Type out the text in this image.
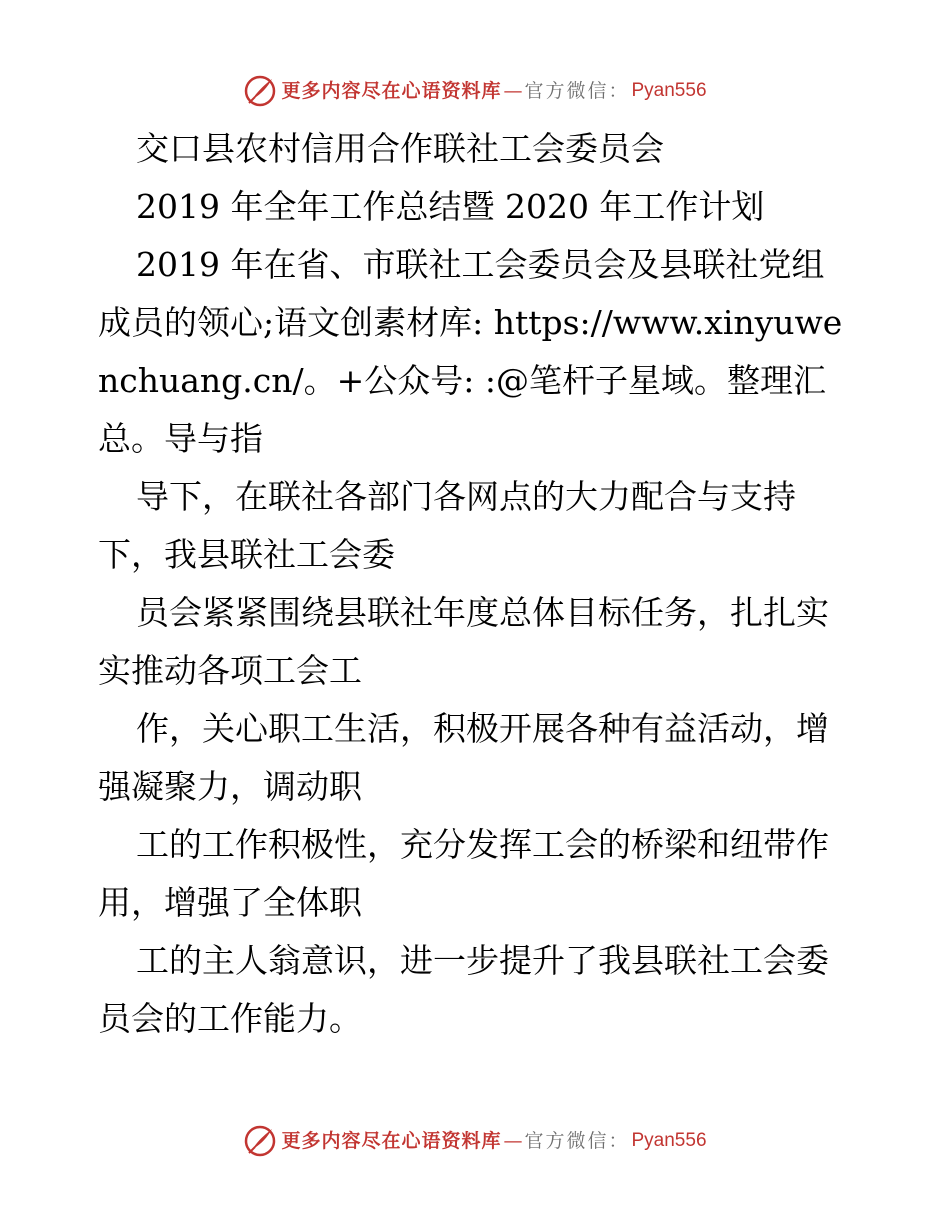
更多内容尽在心语资料库 — 官方微信： Pyan556

交口县农村信用合作联社工会委员会

2019 年全年工作总结暨 2020 年工作计划

2019 年在省、市联社工会委员会及县联社党组

成员的领心;语文创素材库: https://www.xinyuwenchuang.cn/。+公众号: :@笔杆子星域。整理汇总。导与指

导下，在联社各部门各网点的大力配合与支持

下，我县联社工会委

员会紧紧围绕县联社年度总体目标任务，扎扎实

实推动各项工会工

作，关心职工生活，积极开展各种有益活动，增

强凝聚力，调动职

工的工作积极性，充分发挥工会的桥梁和纽带作

用，增强了全体职

工的主人翁意识，进一步提升了我县联社工会委

员会的工作能力。

更多内容尽在心语资料库 — 官方微信： Pyan556
